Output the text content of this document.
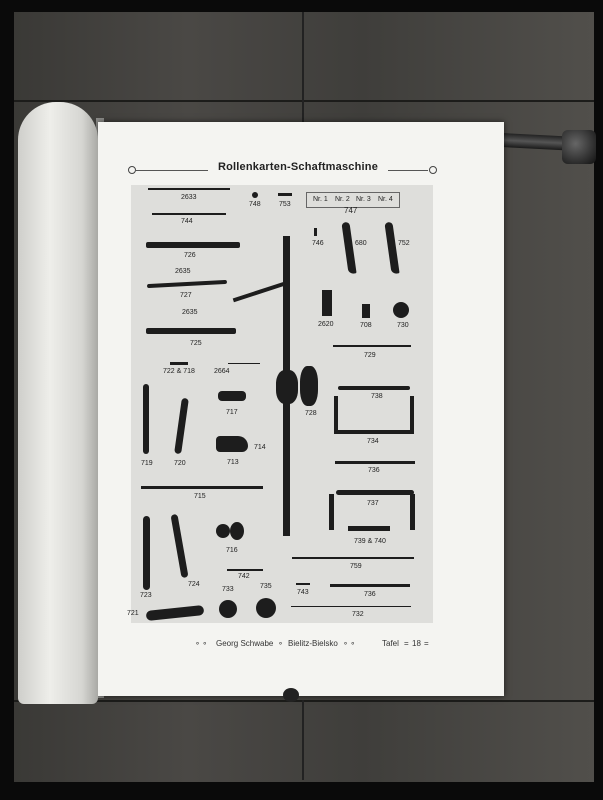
Rollenkarten-Schaftmaschine
Nr. 1 Nr. 2 Nr. 3 Nr. 4
747
2633
748	753
744
746	680	752
726
2635
727
2635
728
2620	708	730
725
729
722 & 718	2664
738
734
717
719	720
714
713
736
715
737
739 & 740
723
724
716
759
742
733	735
743	736
721	732
∘ ∘ Georg Schwabe ∘ Bielitz-Bielsko ∘ ∘	Tafel = 18 =
